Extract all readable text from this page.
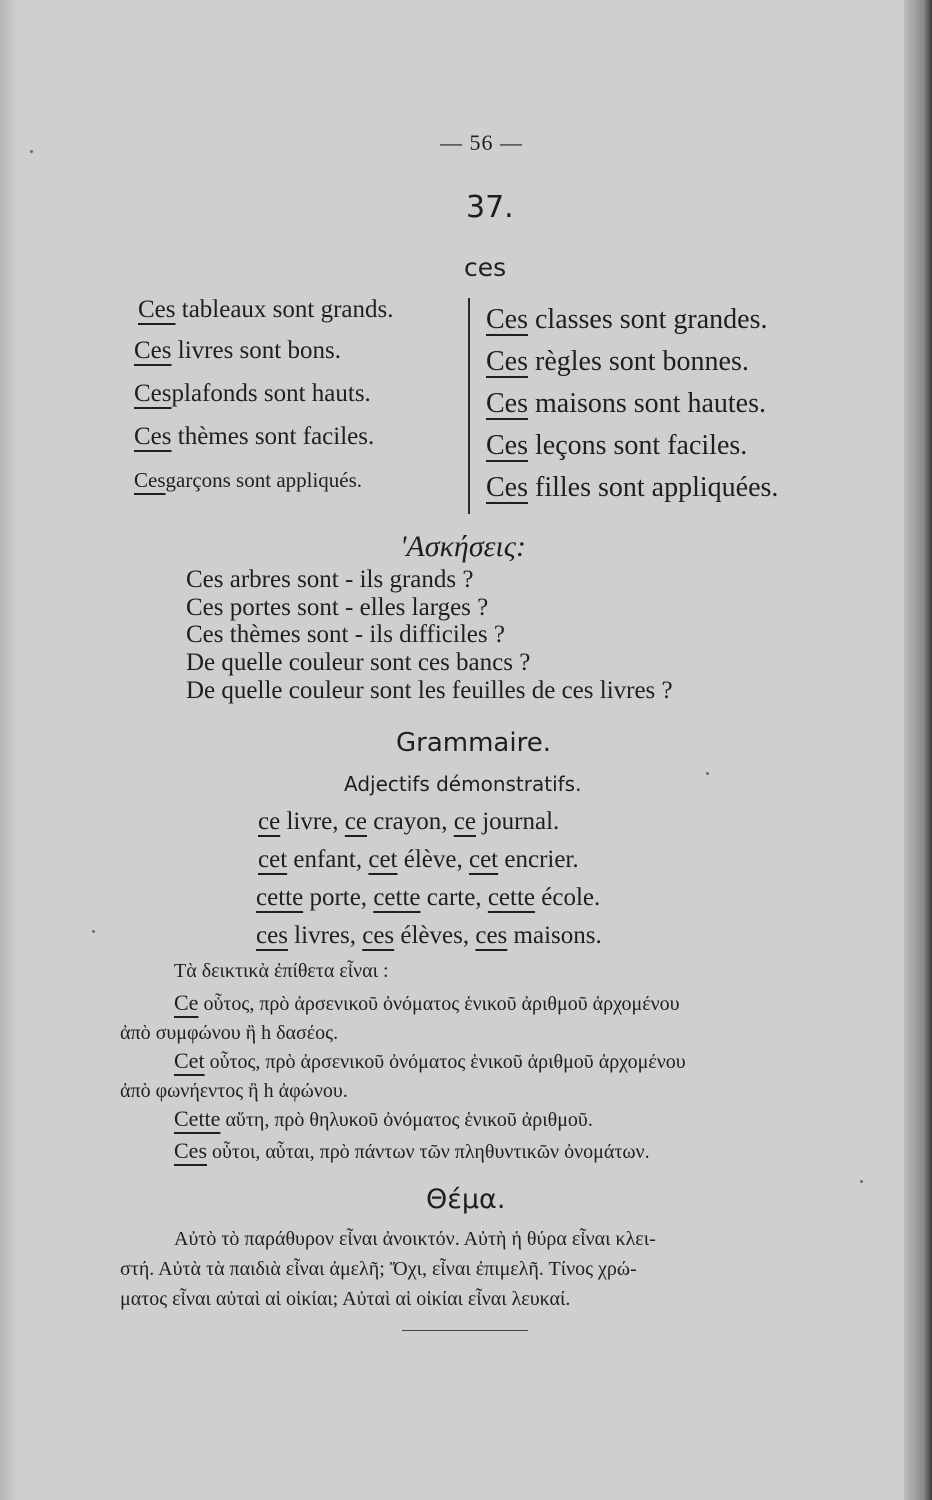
— 56 —
37.
ces
Ces tableaux sont grands.
Ces livres sont bons.
Cesplafonds sont hauts.
Ces thèmes sont faciles.
Cesgarçons sont appliqués.
Ces classes sont grandes.
Ces règles sont bonnes.
Ces maisons sont hautes.
Ces leçons sont faciles.
Ces filles sont appliquées.
'Ασκήσεις:
Ces arbres sont - ils grands ?
Ces portes sont - elles larges ?
Ces thèmes sont - ils difficiles ?
De quelle couleur sont ces bancs ?
De quelle couleur sont les feuilles de ces livres ?
Grammaire.
Adjectifs démonstratifs.
ce livre, ce crayon, ce journal.
cet enfant, cet élève, cet encrier.
cette porte, cette carte, cette école.
ces livres, ces élèves, ces maisons.
Τὰ δεικτικὰ ἐπίθετα εἶναι :
Ce οὗτος, πρὸ ἀρσενικοῦ ὀνόματος ἑνικοῦ ἀριθμοῦ ἀρχομένου
ἀπὸ συμφώνου ἢ h δασέος.
Cet οὗτος, πρὸ ἀρσενικοῦ ὀνόματος ἑνικοῦ ἀριθμοῦ ἀρχομένου
ἀπὸ φωνήεντος ἢ h ἀφώνου.
Cette αὕτη, πρὸ θηλυκοῦ ὀνόματος ἑνικοῦ ἀριθμοῦ.
Ces οὗτοι, αὗται, πρὸ πάντων τῶν πληθυντικῶν ὀνομάτων.
Θέμα.
Αὐτὸ τὸ παράθυρον εἶναι ἀνοικτόν. Αὐτὴ ἡ θύρα εἶναι κλει-
στή. Αὐτὰ τὰ παιδιὰ εἶναι ἀμελῆ; Ὄχι, εἶναι ἐπιμελῆ. Τίνος χρώ-
ματος εἶναι αὐταὶ αἱ οἰκίαι; Αὐταὶ αἱ οἰκίαι εἶναι λευκαί.
